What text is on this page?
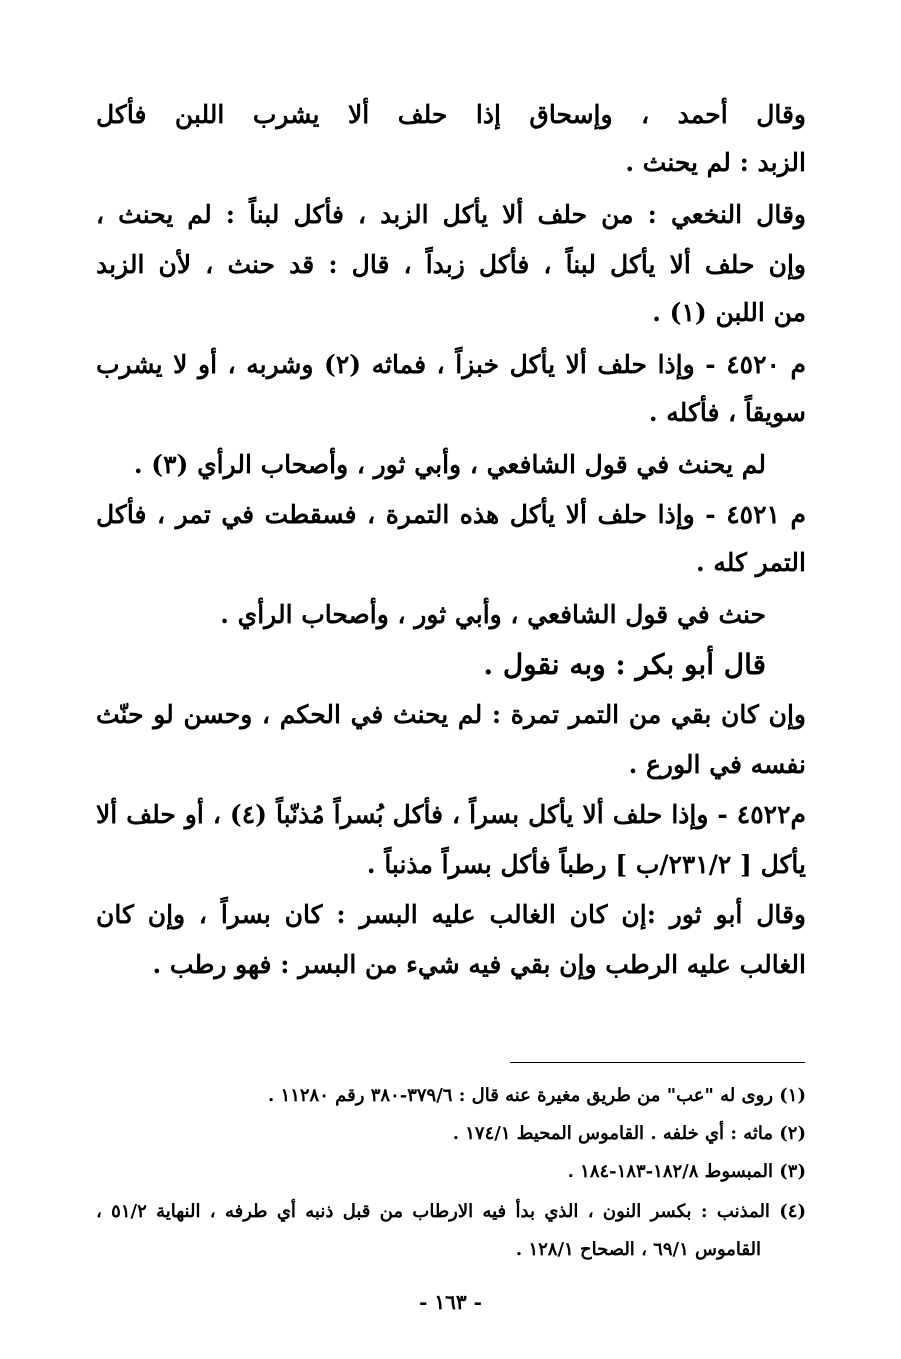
وقال أحمد ، وإسحاق إذا حلف ألا يشرب اللبن فأكل
الزبد : لم يحنث .
وقال النخعي : من حلف ألا يأكل الزبد ، فأكل لبناً : لم يحنث ،
وإن حلف ألا يأكل لبناً ، فأكل زبداً ، قال : قد حنث ، لأن الزبد
من اللبن (١) .
م ٤٥٢٠ - وإذا حلف ألا يأكل خبزاً ، فماثه (٢) وشربه ، أو لا يشرب
سويقاً ، فأكله .
لم يحنث في قول الشافعي ، وأبي ثور ، وأصحاب الرأي (٣) .
م ٤٥٢١ - وإذا حلف ألا يأكل هذه التمرة ، فسقطت في تمر ، فأكل
التمر كله .
حنث في قول الشافعي ، وأبي ثور ، وأصحاب الرأي .
قال أبو بكر : وبه نقول .
وإن كان بقي من التمر تمرة : لم يحنث في الحكم ، وحسن لو حنّث
نفسه في الورع .
م٤٥٢٢ - وإذا حلف ألا يأكل بسراً ، فأكل بُسراً مُذنّباً (٤) ، أو حلف ألا
يأكل [ ٢٣١/٢/ب ] رطباً فأكل بسراً مذنباً .
وقال أبو ثور :إن كان الغالب عليه البسر : كان بسراً ، وإن كان
الغالب عليه الرطب وإن بقي فيه شيء من البسر : فهو رطب .
(١) روى له "عب" من طريق مغيرة عنه قال : ٣٧٩/٦-٣٨٠ رقم ١١٢٨٠ .
(٢) ماثه : أي خلفه . القاموس المحيط ١٧٤/١ .
(٣) المبسوط ١٨٢/٨-١٨٣-١٨٤ .
(٤) المذنب : بكسر النون ، الذي بدأ فيه الارطاب من قبل ذنبه أي طرفه ، النهاية ٥١/٢ ،
القاموس ٦٩/١ ، الصحاح ١٢٨/١ .
- ١٦٣ -
